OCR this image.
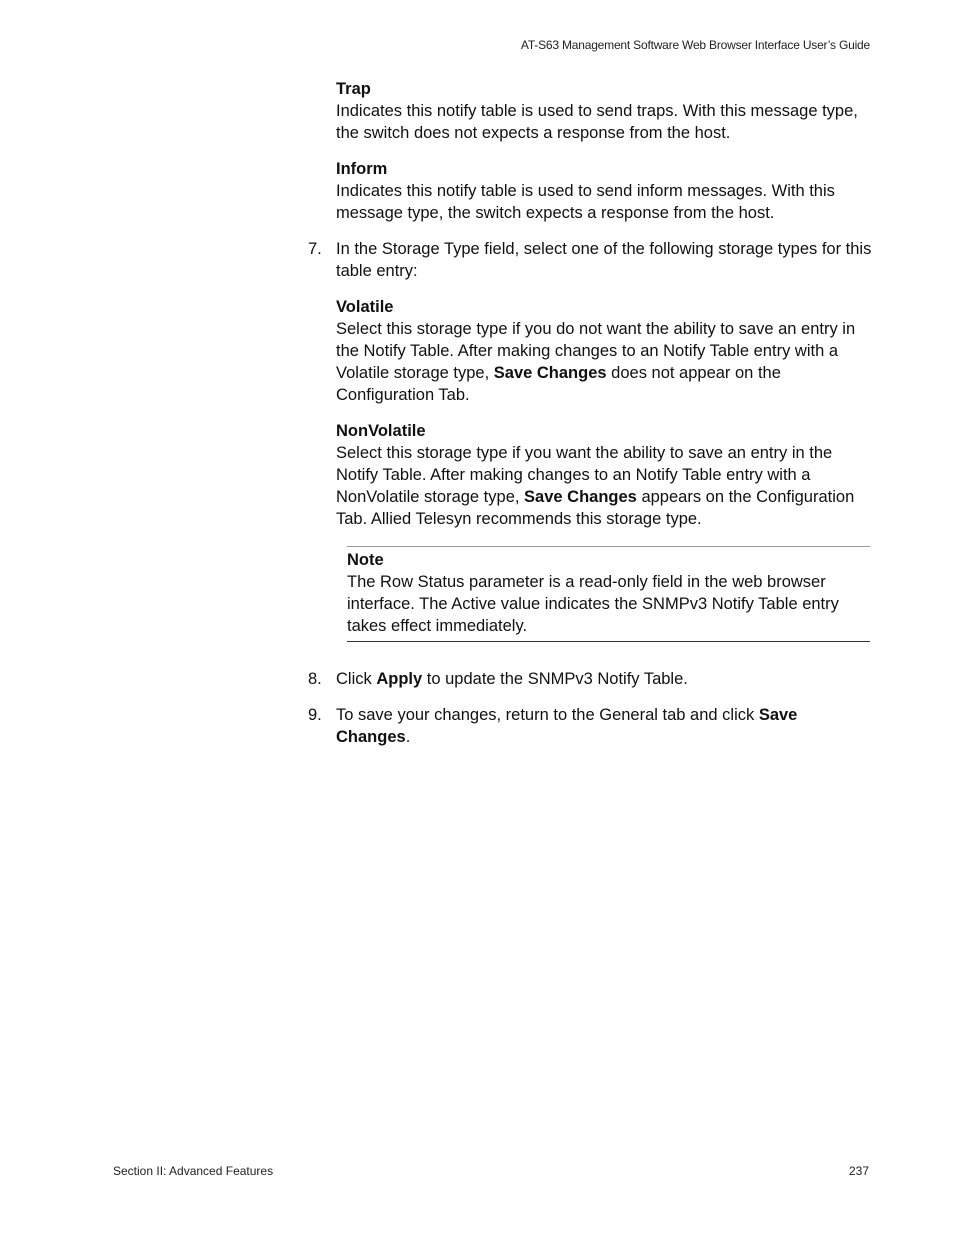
AT-S63 Management Software Web Browser Interface User’s Guide

Trap

Indicates this notify table is used to send traps. With this message type, the switch does not expects a response from the host.

Inform

Indicates this notify table is used to send inform messages. With this message type, the switch expects a response from the host.

7. In the Storage Type field, select one of the following storage types for this table entry:

Volatile

Select this storage type if you do not want the ability to save an entry in the Notify Table. After making changes to an Notify Table entry with a Volatile storage type, Save Changes does not appear on the Configuration Tab.

NonVolatile

Select this storage type if you want the ability to save an entry in the Notify Table. After making changes to an Notify Table entry with a NonVolatile storage type, Save Changes appears on the Configuration Tab. Allied Telesyn recommends this storage type.

Note

The Row Status parameter is a read-only field in the web browser interface. The Active value indicates the SNMPv3 Notify Table entry takes effect immediately.

8. Click Apply to update the SNMPv3 Notify Table.

9. To save your changes, return to the General tab and click Save Changes.

Section II: Advanced Features	237
